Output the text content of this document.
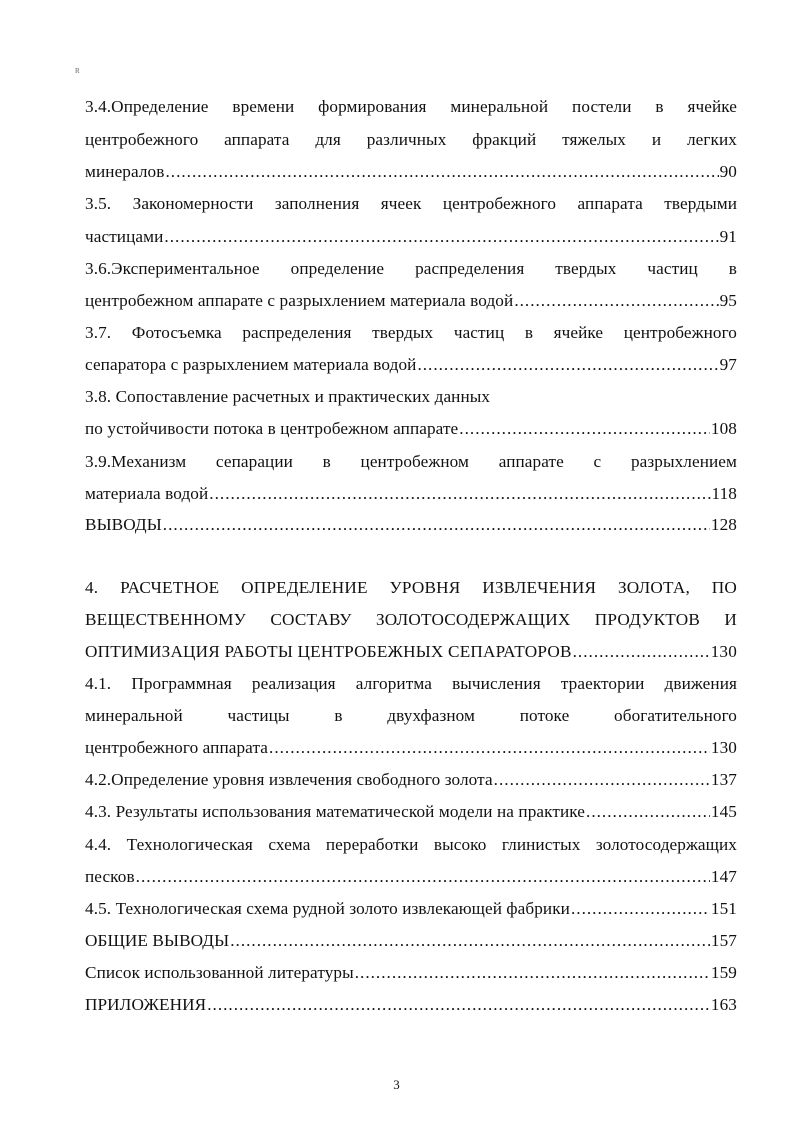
R
3.4.Определение времени формирования минеральной постели в ячейке
центробежного аппарата для различных фракций тяжелых и легких
минералов .....	90
3.5. Закономерности заполнения ячеек центробежного аппарата твердыми
частицами .....	91
3.6.Экспериментальное определение распределения твердых частиц в
центробежном аппарате с разрыхлением материала водой .....	95
3.7. Фотосъемка распределения твердых частиц в ячейке центробежного
сепаратора с разрыхлением материала водой .....	97
3.8. Сопоставление расчетных и практических данных
по устойчивости потока в центробежном аппарате .....	108
3.9.Механизм сепарации в центробежном аппарате с разрыхлением
материала водой .....	118
ВЫВОДЫ .....	128
4. РАСЧЕТНОЕ ОПРЕДЕЛЕНИЕ УРОВНЯ ИЗВЛЕЧЕНИЯ ЗОЛОТА, ПО
ВЕЩЕСТВЕННОМУ СОСТАВУ ЗОЛОТОСОДЕРЖАЩИХ ПРОДУКТОВ И
ОПТИМИЗАЦИЯ РАБОТЫ ЦЕНТРОБЕЖНЫХ СЕПАРАТОРОВ .....	130
4.1. Программная реализация алгоритма вычисления траектории движения
минеральной частицы в двухфазном потоке обогатительного
центробежного аппарата .....	130
4.2.Определение уровня извлечения свободного золота .....	137
4.3. Результаты использования математической модели на практике .....	145
4.4. Технологическая схема переработки высоко глинистых золотосодержащих
песков .....	147
4.5. Технологическая схема рудной золото извлекающей фабрики .....	151
ОБЩИЕ ВЫВОДЫ .....	157
Список использованной литературы .....	159
ПРИЛОЖЕНИЯ .....	163
3
